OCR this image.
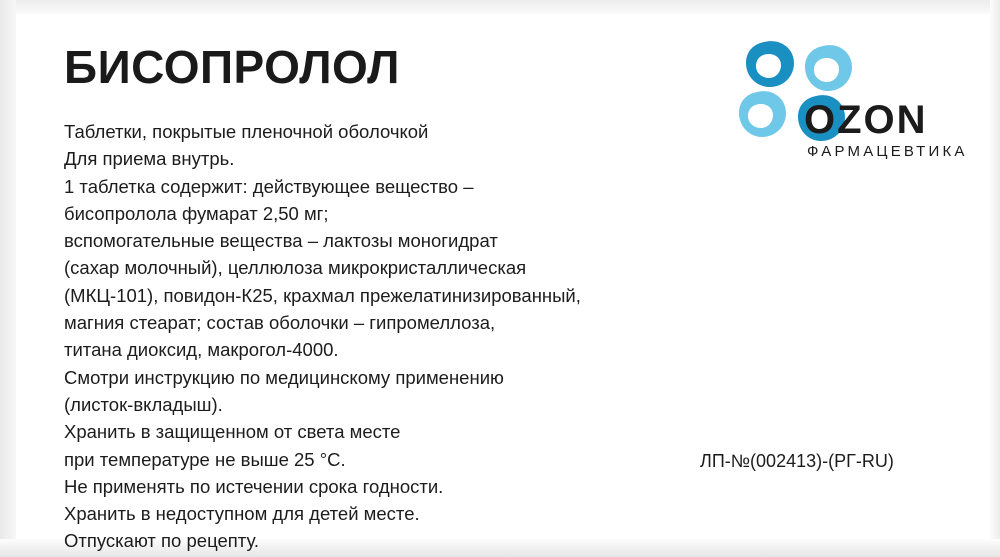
БИСОПРОЛОЛ
Таблетки, покрытые пленочной оболочкой
Для приема внутрь.
1 таблетка содержит: действующее вещество –
бисопролола фумарат 2,50 мг;
вспомогательные вещества – лактозы моногидрат
(сахар молочный), целлюлоза микрокристаллическая
(МКЦ-101), повидон-К25, крахмал прежелатинизированный,
магния стеарат; состав оболочки – гипромеллоза,
титана диоксид, макрогол-4000.
Смотри инструкцию по медицинскому применению
(листок-вкладыш).
Хранить в защищенном от света месте
при температуре не выше 25 °C.
Не применять по истечении срока годности.
Хранить в недоступном для детей месте.
Отпускают по рецепту.
ЛП-№(002413)-(РГ-RU)
OZON
ФАРМАЦЕВТИКА
